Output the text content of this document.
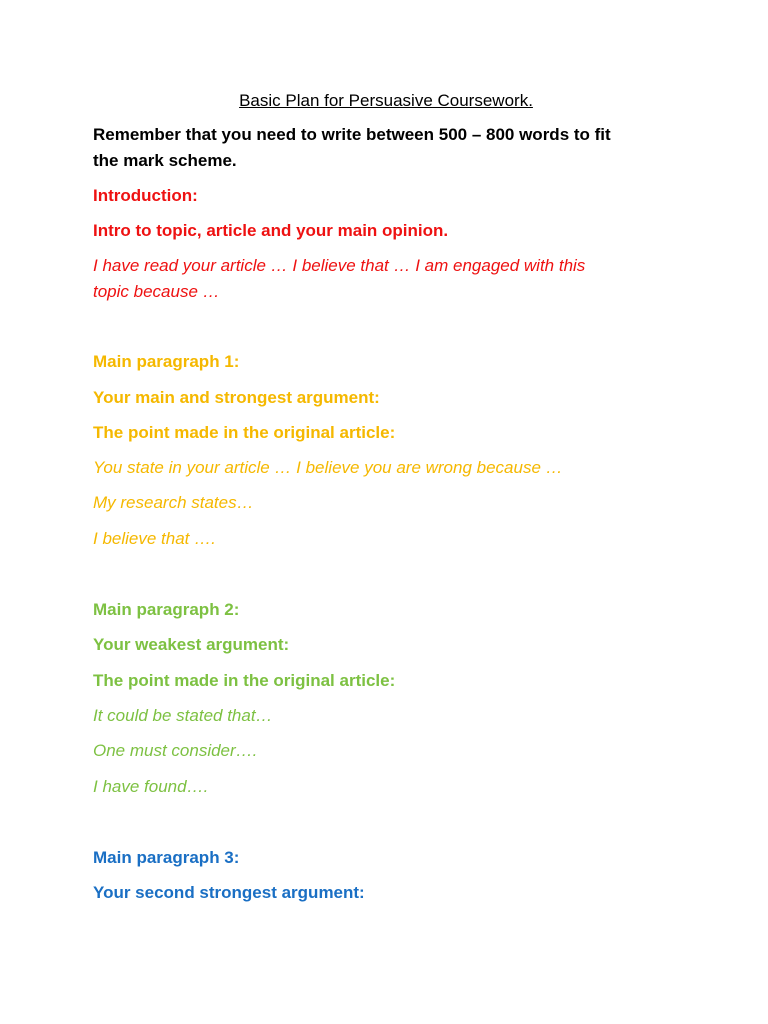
Basic Plan for Persuasive Coursework.

Remember that you need to write between 500 – 800 words to fit

the mark scheme.

Introduction:

Intro to topic, article and your main opinion.

I have read your article … I believe that … I am engaged with this

topic because …

Main paragraph 1:

Your main and strongest argument:

The point made in the original article:

You state in your article … I believe you are wrong because …

My research states…

I believe that ….

Main paragraph 2:

Your weakest argument:

The point made in the original article:

It could be stated that…

One must consider….

I have found….

Main paragraph 3:

Your second strongest argument:
